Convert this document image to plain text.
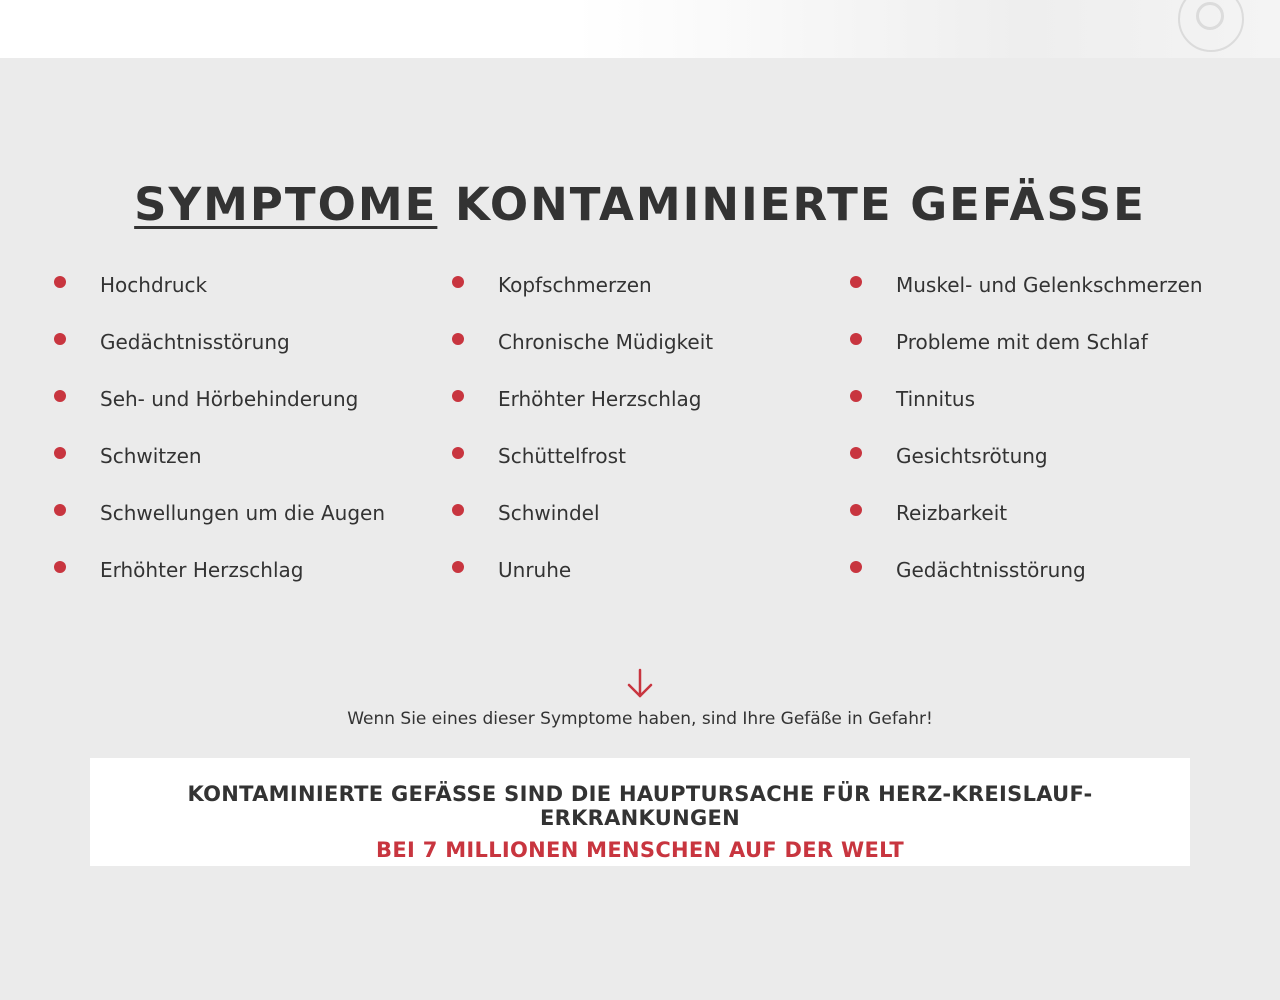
SYMPTOME KONTAMINIERTE GEFÄSSE
Hochdruck
Gedächtnisstörung
Seh- und Hörbehinderung
Schwitzen
Schwellungen um die Augen
Erhöhter Herzschlag
Kopfschmerzen
Chronische Müdigkeit
Erhöhter Herzschlag
Schüttelfrost
Schwindel
Unruhe
Muskel- und Gelenkschmerzen
Probleme mit dem Schlaf
Tinnitus
Gesichtsrötung
Reizbarkeit
Gedächtnisstörung

Wenn Sie eines dieser Symptome haben, sind Ihre Gefäße in Gefahr!

KONTAMINIERTE GEFÄSSE SIND DIE HAUPTURSACHE FÜR HERZ-KREISLAUF-ERKRANKUNGEN
BEI 7 MILLIONEN MENSCHEN AUF DER WELT
